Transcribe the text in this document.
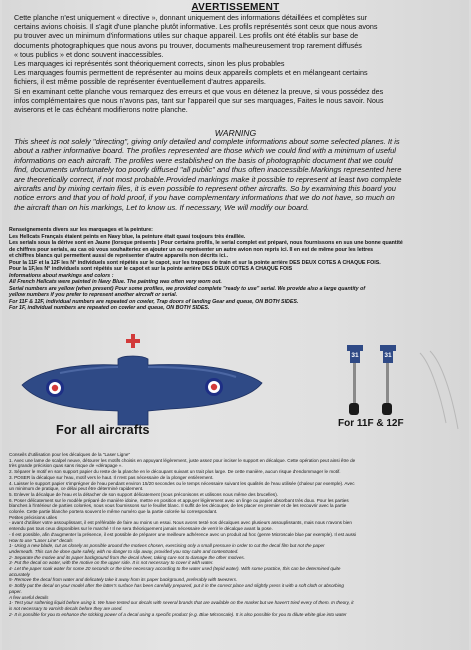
AVERTISSEMENT

Cette planche n'est uniquement « directive », donnant uniquement des informations détaillées et complètes sur

certains avions choisis. Il s'agit d'une planche plutôt informative. Les profils représentés sont ceux que nous avons

pu trouver avec un minimum d'informations utiles sur chaque appareil. Les profils ont été établis sur base de

documents photographiques que nous avons pu trouver, documents malheureusement trop rarement diffusés

« tous publics » et donc souvent inaccessibles.

Les marquages ici représentés sont théoriquement corrects, sinon les plus probables

Les marquages fournis permettent de représenter au moins deux appareils complets et en mélangeant certains

fichiers, il est même possible de représenter éventuellement d'autres appareils.

Si en examinant cette planche vous remarquez des erreurs et que vous en détenez la preuve, si vous possédez des

infos complémentaires que nous n'avons pas, tant sur l'appareil que sur ses marquages, Faites le nous savoir. Nous

aviserons et le cas échéant modifierons notre planche.

WARNING

This sheet is not solely "directing", giving only detailed and complete informations about some selected planes. It is

about a rather informative board. The profiles represented are those which we could find with a minimum of useful

informations on each aircraft. The profiles were established on the basis of photographic document that we could

find, documents unfortunately too poorly diffused "all public" and thus often inaccessible.Markings represented here

are theoretically correct, if not most probable.Provided markings make it possible to represent at least two complete

aircrafts and by mixing certain files, it is even possible to represent other aircrafts. So by examining this board you

notice errors and that you of hold proof, if you have complementary informations that we do not have, so much on

the aircraft than on his markings, Let to know us. If necessary, We will modify our board.

Renseignements divers sur les marquages et la peinture:

Les Hellcats Français étaient peints en Navy blue, la peinture était quasi toujours très éraillée.

Les serials sous la dérive sont en Jaune (lorsque présents ) Pour certains profils, le serial complet est préparé, nous fournissons en sus une bonne quantité

de chiffres pour serials, au cas où vous souhaiteriez en ajouter un ou représenter un autre avion non repris ici. Il en est de même pour les lettres

et chiffres blancs qui permettent aussi de représenter d'autre appareils non décrits ici..

Pour la 11F et la 12F les N° individuels sont répétés sur le capot, sur les trappes de train et sur la pointe arrière DES DEUX COTES A CHAQUE FOIS.

Pour la 1F,les N° individuels sont répétés sur le capot et sur la pointe arrière DES DEUX COTES A CHAQUE FOIS

Informations about markings and colors :

All French Hellcats were painted in Navy Blue. The painting was often very worn out.

Serial numbers are yellow (when present) Pour some profiles, we provided complete "ready to use" serial. We provide also a large quantity of

yellow numbers if you prefer to represent another aircraft or serial.

For 11F & 12F, individual numbers are repeated on cowler, Trap doors of landing Gear and queue, ON BOTH SIDES.

For 1F, individual numbers are repeated on cowler and queue, ON BOTH SIDES.

31	31
For all aircrafts	For 11F & 12F

Conseils d'utilisation pour les décalques de la "Laser Ligne"

1. Avec une lame de scalpel neuve, détourer les motifs choisis en appuyant légèrement, juste assez pour inciser le support en décalque. Cette opération peut ainsi être de

très grande précision quas sans risque de «dérapage ».

2. Séparer le motif en son support papier du reste de la planche en le découpant suivant un trait plus large. De cette manière, aucun risque d'endommager le motif.

3. POSER la décalque sur l'eau, motif vers le haut. Il n'est pas nécessaire de la plonger entièrement.

4. Laisser le support papier s'imprégner de l'eau pendant environ 15/20 secondes ou le temps nécessaire suivant les qualités de l'eau utilisée (chaleur par exemple). Avec

un minimum de pratique, ce délai peut être déterminé rapidement.

5. Enlever la décalque de l'eau et la détacher de son support délicatement (nous préconisons et utilisons nous même des brucelles).

6. Poser délicatement sur le modèle préparé de manière idoine, mettre en position et appuyer légèrement avec un linge ou papier absorbant très doux. Pour les parties

blanches à l'intérieur de parties colorées, nous vous fournissons sur le feuillet blanc. Il suffit de les découper, de les placer en premier et de les recouvrir avec la partie

colorée. Cette partie blanche portera souvent le même numéro que la partie colorée lui correspondant.

Petites précisions utiles

- avant d'utiliser votre assouplissant, il est préférable de faire au moins un essai. Nous avons testé nos décalques avec plusieurs assouplissants, mais nous n'avons bien

entendu pas tous ceux disponibles sur le marché ! Il ne sera théoriquement jamais nécessaire de verrir le décalque avant la pose.

- Il est possible, afin d'augmenter la présence, il est possible de préparer une meilleure adhérence avec un produit ad hoc (genre Microscale blue par exemple). Il est aussi

How to use "Laser Line" decals

1- Using a new blade, cut as closely as possible around the motives chosen, exercising only a small pressure in order to cut the decal film but not the paper

underneath. This can be done quite safely, with no danger to slip away, provided you stay calm and contentrated.

2- Separate the motive and its paper background from the decal sheet, taking care not to damage the other motives.

3- Put the decal on water, with the motive on the upper side. It is not necessary to cover it with water.

4- Let the paper soak water for some 20 seconds or the time necessary according to the water used (tepid water). With some practice, this can be determined quite

accurately

5- Remove the decal from water and delicately take it away from its paper background, preferably with tweezers.

6- Softly put the decal on your model after the latter's surface has been carefully prepared, put it in the correct place and slightly press it with a soft cloth or absorbing

paper.

A few useful details

1- Test your softening liquid before using it. We have tested our decals with several brands that are available on the market but we haven't tried every of them. In theory, it

is not necessary to varnish decals before they are used.

2- It is possible for you to enhance the sticking power of a decal using a specific product (e.g. Blue Microscale). It is also possible for you to dilute white glue into water
